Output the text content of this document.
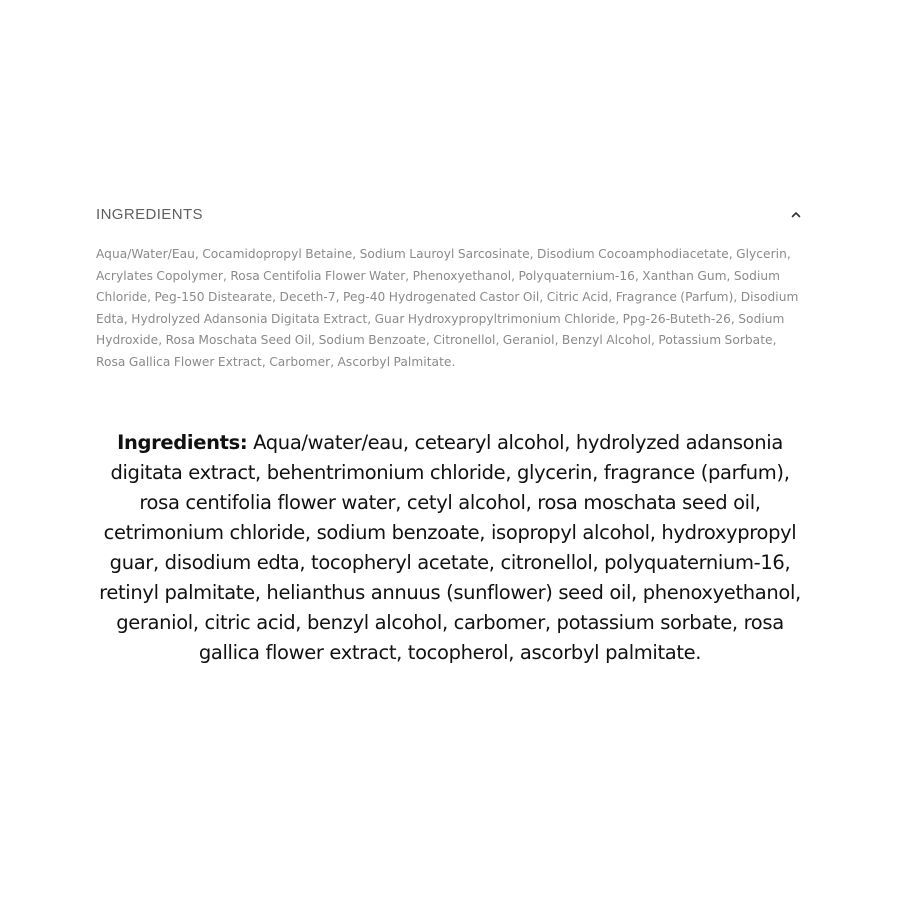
INGREDIENTS
Aqua/Water/Eau, Cocamidopropyl Betaine, Sodium Lauroyl Sarcosinate, Disodium Cocoamphodiacetate, Glycerin, Acrylates Copolymer, Rosa Centifolia Flower Water, Phenoxyethanol, Polyquaternium-16, Xanthan Gum, Sodium Chloride, Peg-150 Distearate, Deceth-7, Peg-40 Hydrogenated Castor Oil, Citric Acid, Fragrance (Parfum), Disodium Edta, Hydrolyzed Adansonia Digitata Extract, Guar Hydroxypropyltrimonium Chloride, Ppg-26-Buteth-26, Sodium Hydroxide, Rosa Moschata Seed Oil, Sodium Benzoate, Citronellol, Geraniol, Benzyl Alcohol, Potassium Sorbate, Rosa Gallica Flower Extract, Carbomer, Ascorbyl Palmitate.
Ingredients: Aqua/water/eau, cetearyl alcohol, hydrolyzed adansonia digitata extract, behentrimonium chloride, glycerin, fragrance (parfum), rosa centifolia flower water, cetyl alcohol, rosa moschata seed oil, cetrimonium chloride, sodium benzoate, isopropyl alcohol, hydroxypropyl guar, disodium edta, tocopheryl acetate, citronellol, polyquaternium-16, retinyl palmitate, helianthus annuus (sunflower) seed oil, phenoxyethanol, geraniol, citric acid, benzyl alcohol, carbomer, potassium sorbate, rosa gallica flower extract, tocopherol, ascorbyl palmitate.
